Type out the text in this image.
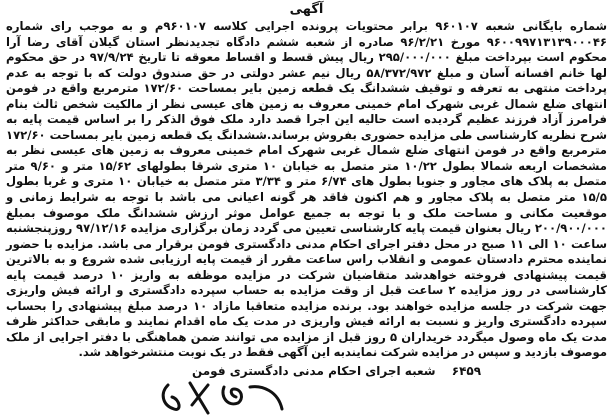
آگهی

شماره بایگانی شعبه ۹۶۰۱۰۷ برابر محتویات پرونده اجرایی کلاسه ۹۶۰۱۰۷م و به موجب رای شماره ۹۶۰۰۹۹۷۱۳۱۳۹۰۰۰۴۶ مورخ ۹۶/۲/۲۱ صادره از شعبه ششم دادگاه تجدیدنظر استان گیلان آقای رضا آرا محکوم است بپرداخت مبلغ ۲۹۵/۰۰۰/۰۰۰ ریال پیش قسط و اقساط معوقه تا تاریخ ۹۷/۹/۲۴ در حق محکوم لها خانم افسانه آسان و مبلغ ۵۸/۳۷۲/۹۷۲ ریال نیم عشر دولتی در حق صندوق دولت که با توجه به عدم پرداخت منتهی به تعرفه و توقیف ششدانگ یک قطعه زمین بایر بمساحت ۱۷۲/۶۰ مترمربع واقع در فومن انتهای ضلع شمال غربی شهرک امام خمینی معروف به زمین های عیسی نظر از مالکیت شخص ثالث بنام فرامرز آزاد فرزند عظیم گردیده است حالیه این اجرا قصد دارد ملک فوق الذکر را بر اساس قیمت پایه به شرح نظریه کارشناسی طی مزایده حضوری بفروش برساند.ششدانگ یک قطعه زمین بایر بمساحت ۱۷۲/۶۰ مترمربع واقع در فومن انتهای ضلع شمال غربی شهرک امام خمینی معروف به زمین های عیسی نظر به مشخصات اربعه شمالا بطول ۱۰/۲۲ متر متصل به خیابان ۱۰ متری شرقا بطولهای ۱۵/۶۲ متر و ۹/۶۰ متر متصل به پلاک های مجاور و جنوبا بطول های ۶/۷۴ متر و ۳/۳۴ متر متصل به خیابان ۱۰ متری و غربا بطول ۱۵/۵ متر متصل به پلاک مجاور و هم اکنون فاقد هر گونه اعیانی می باشد با توجه به شرایط زمانی و موقعیت مکانی و مساحت ملک و با توجه به جمیع عوامل موثر ارزش ششدانگ ملک موصوف بمبلغ ۲۰۰/۹۰۰/۰۰۰ ریال بعنوان قیمت پایه کارشناسی تعیین می گردد زمان برگزاری مزایده ۹۷/۱۲/۱۶ روزپنجشنبه ساعت ۱۰ الی ۱۱ صبح در محل دفتر اجرای احکام مدنی دادگستری فومن برقرار می باشد. مزایده با حضور نماینده محترم دادستان عمومی و انقلاب راس ساعت مقرر از قیمت پایه ارزیابی شده شروع و به بالاترین قیمت پیشنهادی فروخته خواهدشد متقاضیان شرکت در مزایده موظفه به واریز ۱۰ درصد قیمت پایه کارشناسی در روز مزایده ۲ ساعت قبل از وقت مزایده به حساب سپرده دادگستری و ارائه فیش واریزی جهت شرکت در جلسه مزایده خواهند بود. برنده مزایده متعاقبا مازاد ۱۰ درصد مبلغ پیشنهادی را بحساب سپرده دادگستری واریز و نسبت به ارائه فیش واریزی در مدت یک ماه اقدام نمایند و مابقی حداکثر ظرف مدت یک ماه وصول میگردد خریداران ۵ روز قبل از مزایده می توانند ضمن هماهنگی با دفتر اجرایی از ملک موصوف بازدید و سپس در مزایده شرکت نمایندبه این آگهی فقط در یک نوبت منتشرخواهد شد.

۶۴۵۹ شعبه اجرای احکام مدنی دادگستری فومن
